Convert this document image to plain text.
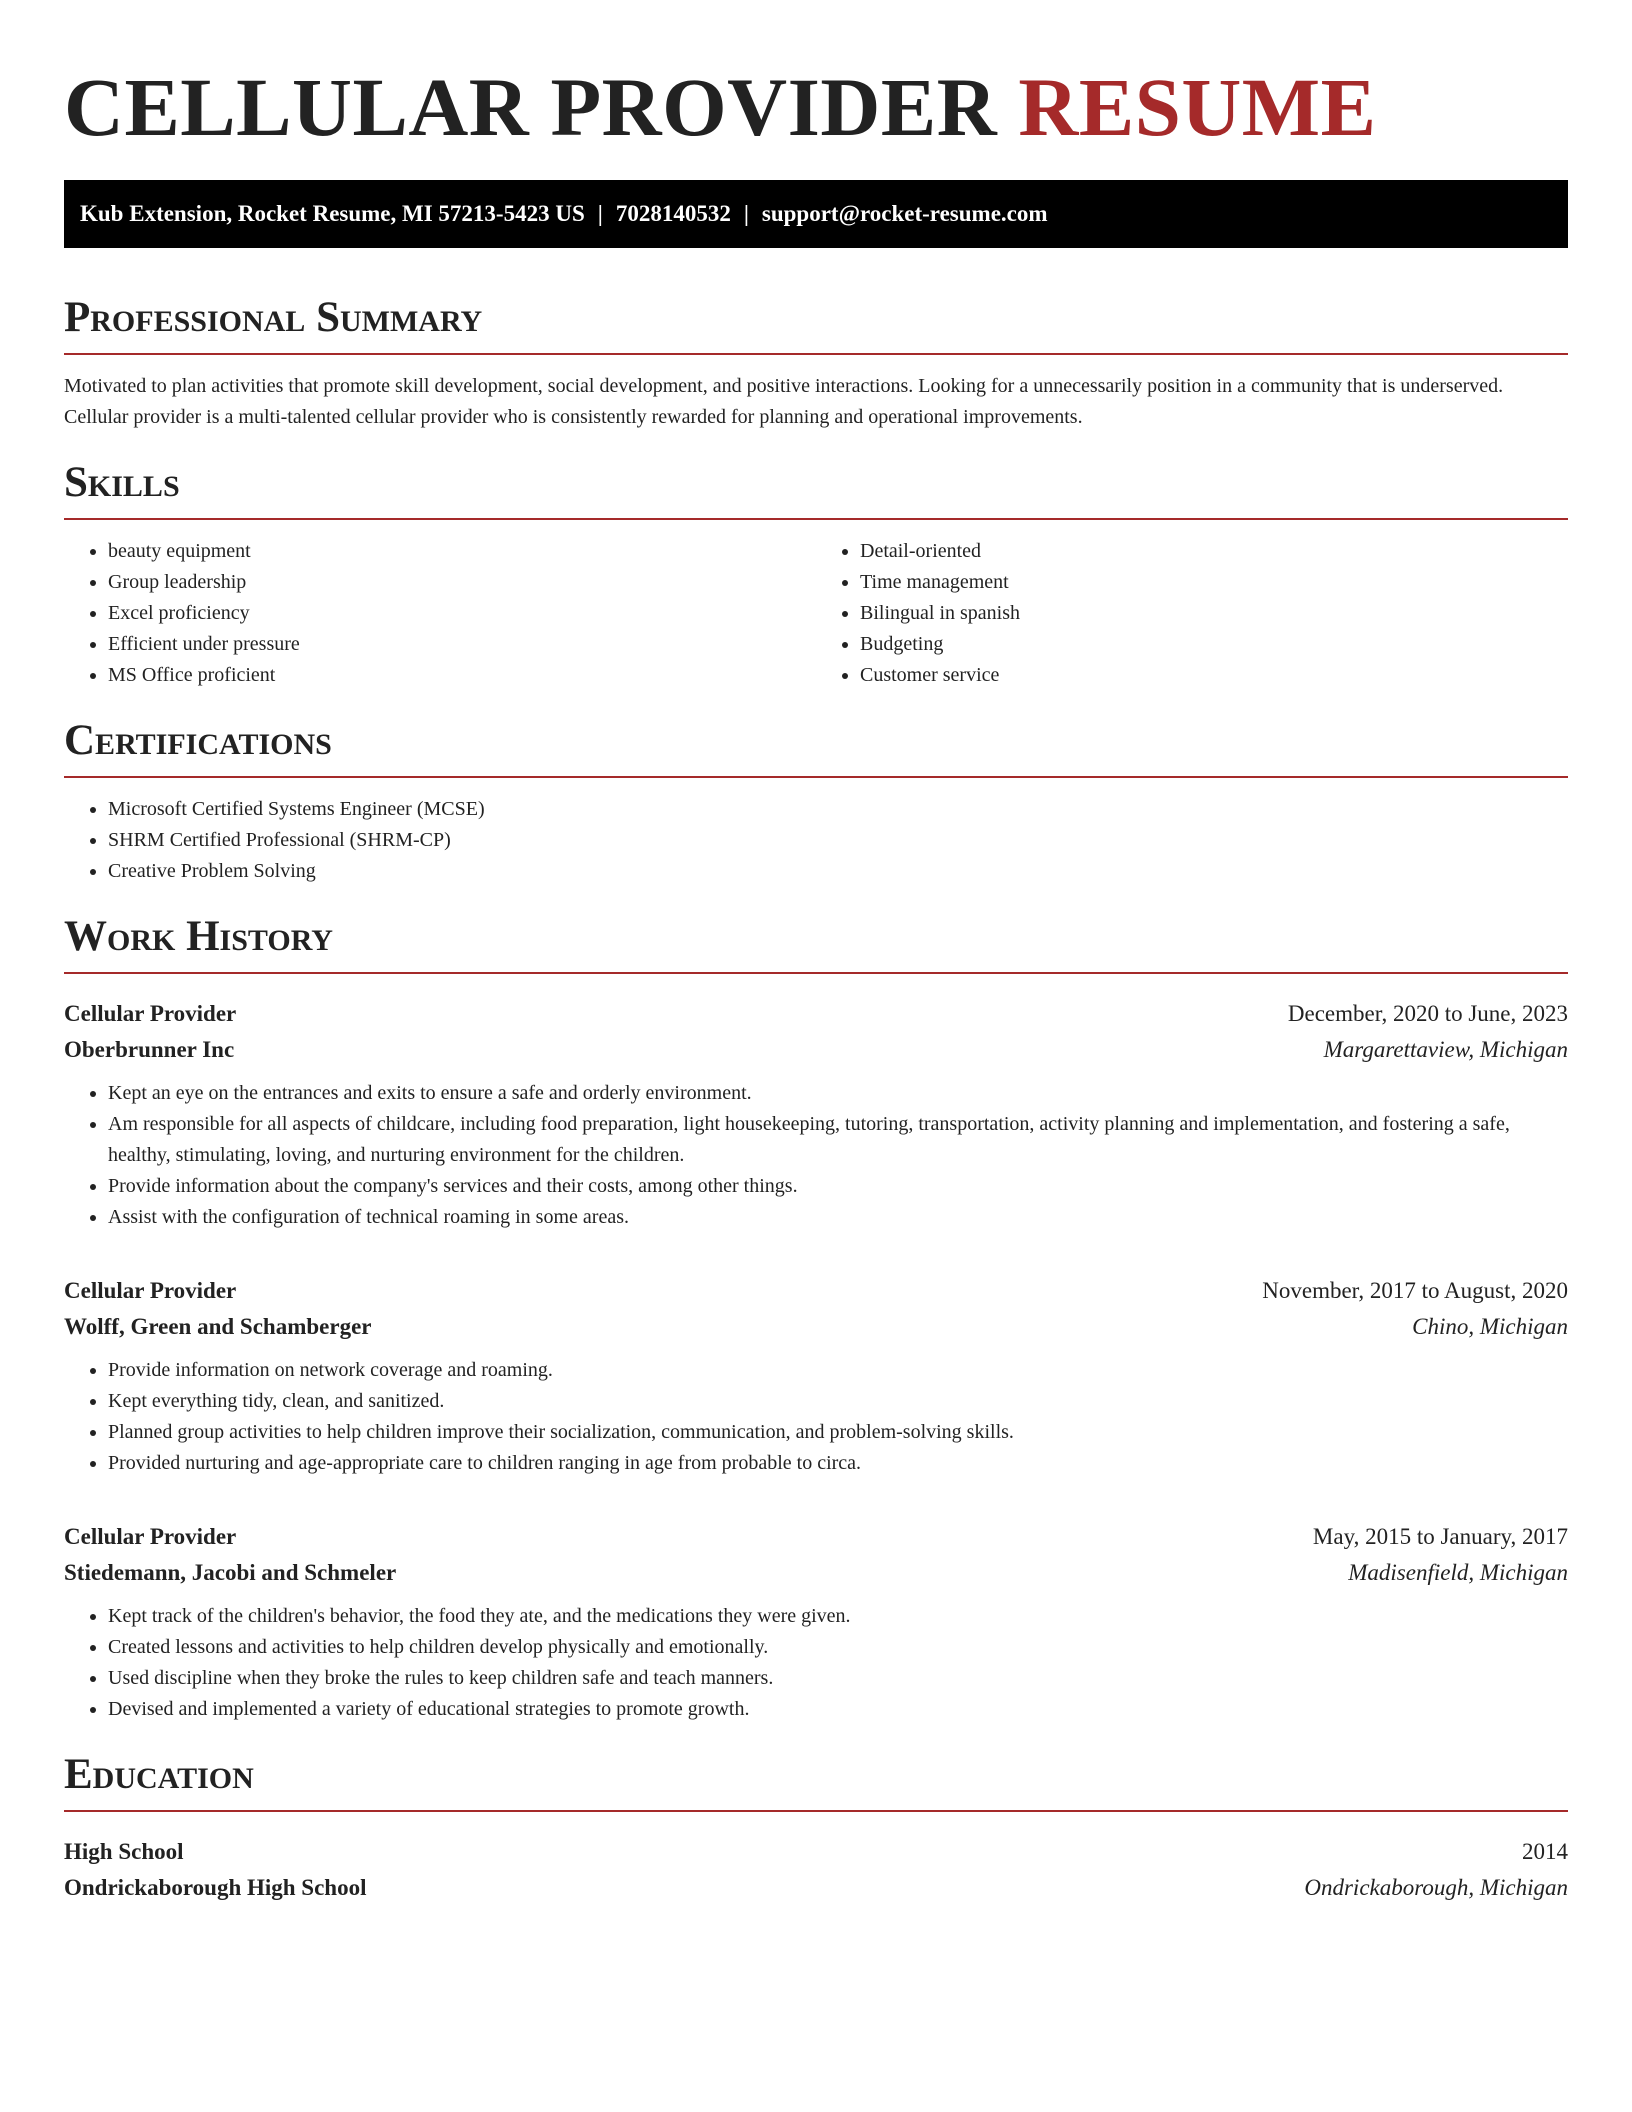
CELLULAR PROVIDER RESUME
Kub Extension, Rocket Resume, MI 57213-5423 US | 7028140532 | support@rocket-resume.com
Professional Summary

Motivated to plan activities that promote skill development, social development, and positive interactions. Looking for a unnecessarily position in a community that is underserved. Cellular provider is a multi-talented cellular provider who is consistently rewarded for planning and operational improvements.

Skills
• beauty equipment
• Group leadership
• Excel proficiency
• Efficient under pressure
• MS Office proficient
• Detail-oriented
• Time management
• Bilingual in spanish
• Budgeting
• Customer service
Certifications
• Microsoft Certified Systems Engineer (MCSE)
• SHRM Certified Professional (SHRM-CP)
• Creative Problem Solving
Work History
Cellular Provider	December, 2020 to June, 2023
Oberbrunner Inc	Margarettaview, Michigan
• Kept an eye on the entrances and exits to ensure a safe and orderly environment.
• Am responsible for all aspects of childcare, including food preparation, light housekeeping, tutoring, transportation, activity planning and implementation, and fostering a safe, healthy, stimulating, loving, and nurturing environment for the children.
• Provide information about the company's services and their costs, among other things.
• Assist with the configuration of technical roaming in some areas.
Cellular Provider	November, 2017 to August, 2020
Wolff, Green and Schamberger	Chino, Michigan
• Provide information on network coverage and roaming.
• Kept everything tidy, clean, and sanitized.
• Planned group activities to help children improve their socialization, communication, and problem-solving skills.
• Provided nurturing and age-appropriate care to children ranging in age from probable to circa.
Cellular Provider	May, 2015 to January, 2017
Stiedemann, Jacobi and Schmeler	Madisenfield, Michigan
• Kept track of the children's behavior, the food they ate, and the medications they were given.
• Created lessons and activities to help children develop physically and emotionally.
• Used discipline when they broke the rules to keep children safe and teach manners.
• Devised and implemented a variety of educational strategies to promote growth.
Education
High School	2014
Ondrickaborough High School	Ondrickaborough, Michigan
